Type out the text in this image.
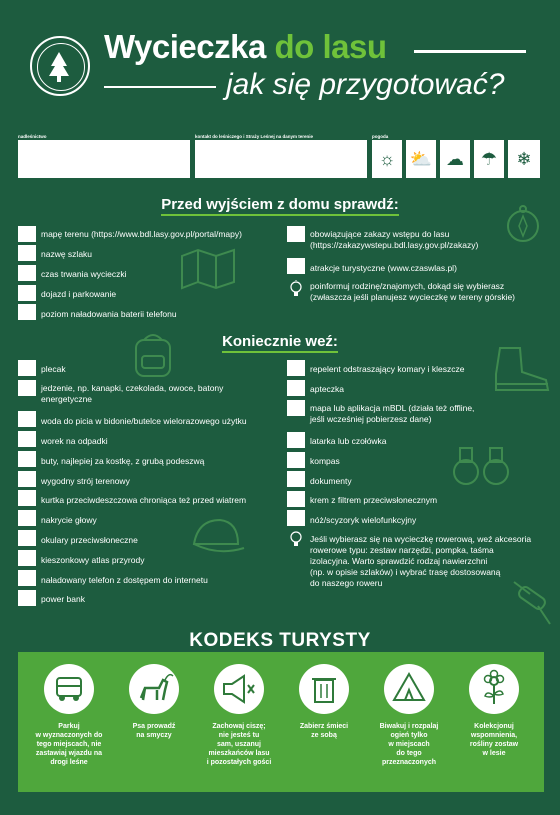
Wycieczka do lasu
jak się przygotować?
nadleśnictwo	kontakt do leśniczego i Straży Leśnej na danym terenie	pogoda
☼ ⛅ ☁ ☂	❄
Przed wyjściem z domu sprawdź:
mapę terenu (https://www.bdl.lasy.gov.pl/portal/mapy)
nazwę szlaku
czas trwania wycieczki
dojazd i parkowanie
poziom naładowania baterii telefonu
obowiązujące zakazy wstępu do lasu
(https://zakazywstepu.bdl.lasy.gov.pl/zakazy)
atrakcje turystyczne (www.czaswlas.pl)
poinformuj rodzinę/znajomych, dokąd się wybierasz
(zwłaszcza jeśli planujesz wycieczkę w tereny górskie)
Koniecznie weź:
plecak
jedzenie, np. kanapki, czekolada, owoce, batony
energetyczne
woda do picia w bidonie/butelce wielorazowego użytku
worek na odpadki
buty, najlepiej za kostkę, z grubą podeszwą
wygodny strój terenowy
kurtka przeciwdeszczowa chroniąca też przed wiatrem
nakrycie głowy
okulary przeciwsłoneczne
kieszonkowy atlas przyrody
naładowany telefon z dostępem do internetu
power bank
repelent odstraszający komary i kleszcze
apteczka
mapa lub aplikacja mBDL (działa też offline,
jeśli wcześniej pobierzesz dane)
latarka lub czołówka
kompas
dokumenty
krem z filtrem przeciwsłonecznym
nóż/scyzoryk wielofunkcyjny
Jeśli wybierasz się na wycieczkę rowerową, weź akcesoria
rowerowe typu: zestaw narzędzi, pompka, taśma
izolacyjna. Warto sprawdzić rodzaj nawierzchni
(np. w opisie szlaków) i wybrać trasę dostosowaną
do naszego roweru
KODEKS TURYSTY
Parkuj
w wyznaczonych do
tego miejscach, nie
zastawiaj wjazdu na
drogi leśne
Psa prowadź
na smyczy
Zachowaj ciszę;
nie jesteś tu
sam, uszanuj
mieszkańców lasu
i pozostałych gości
Zabierz śmieci
ze sobą
Biwakuj i rozpalaj
ogień tylko
w miejscach
do tego
przeznaczonych
Kolekcjonuj
wspomnienia,
rośliny zostaw
w lesie
